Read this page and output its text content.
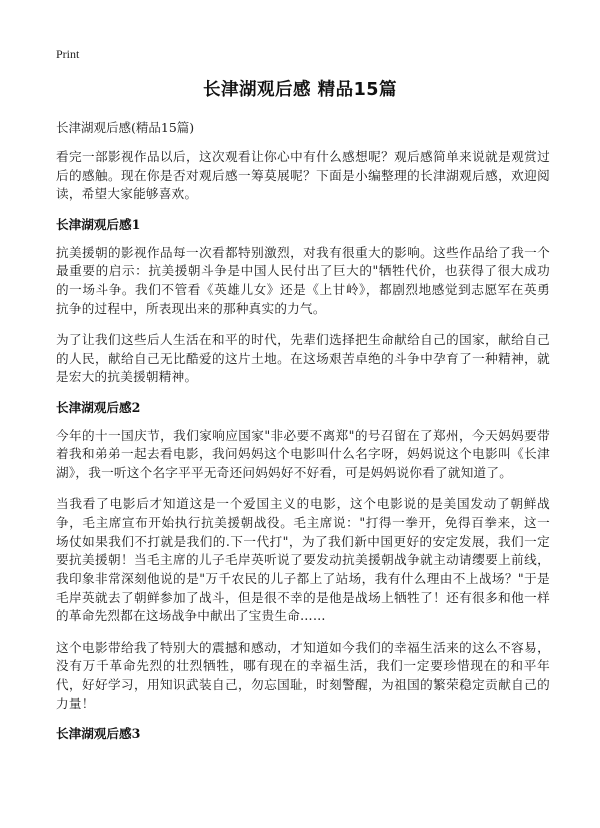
Print
长津湖观后感 精品15篇

长津湖观后感(精品15篇)

看完一部影视作品以后，这次观看让你心中有什么感想呢？观后感简单来说就是观赏过后的感触。现在你是否对观后感一筹莫展呢？下面是小编整理的长津湖观后感，欢迎阅读，希望大家能够喜欢。

长津湖观后感1

抗美援朝的影视作品每一次看都特别激烈，对我有很重大的影响。这些作品给了我一个最重要的启示：抗美援朝斗争是中国人民付出了巨大的"牺牲代价，也获得了很大成功的一场斗争。我们不管看《英雄儿女》还是《上甘岭》，都剧烈地感觉到志愿军在英勇抗争的过程中，所表现出来的那种真实的力气。

为了让我们这些后人生活在和平的时代，先辈们选择把生命献给自己的国家，献给自己的人民，献给自己无比酷爱的这片土地。在这场艰苦卓绝的斗争中孕育了一种精神，就是宏大的抗美援朝精神。

长津湖观后感2

今年的十一国庆节，我们家响应国家"非必要不离郑"的号召留在了郑州，今天妈妈要带着我和弟弟一起去看电影，我问妈妈这个电影叫什么名字呀，妈妈说这个电影叫《长津湖》，我一听这个名字平平无奇还问妈妈好不好看，可是妈妈说你看了就知道了。

当我看了电影后才知道这是一个爱国主义的电影，这个电影说的是美国发动了朝鲜战争，毛主席宣布开始执行抗美援朝战役。毛主席说："打得一拳开，免得百拳来，这一场仗如果我们不打就是我们的.下一代打"，为了我们新中国更好的安定发展，我们一定要抗美援朝！当毛主席的儿子毛岸英听说了要发动抗美援朝战争就主动请缨要上前线，我印象非常深刻他说的是"万千农民的儿子都上了站场，我有什么理由不上战场？"于是毛岸英就去了朝鲜参加了战斗，但是很不幸的是他是战场上牺牲了！还有很多和他一样的革命先烈都在这场战争中献出了宝贵生命……

这个电影带给我了特别大的震撼和感动，才知道如今我们的幸福生活来的这么不容易，没有万千革命先烈的壮烈牺牲，哪有现在的幸福生活，我们一定要珍惜现在的和平年代，好好学习，用知识武装自己，勿忘国耻，时刻警醒，为祖国的繁荣稳定贡献自己的力量！

长津湖观后感3
